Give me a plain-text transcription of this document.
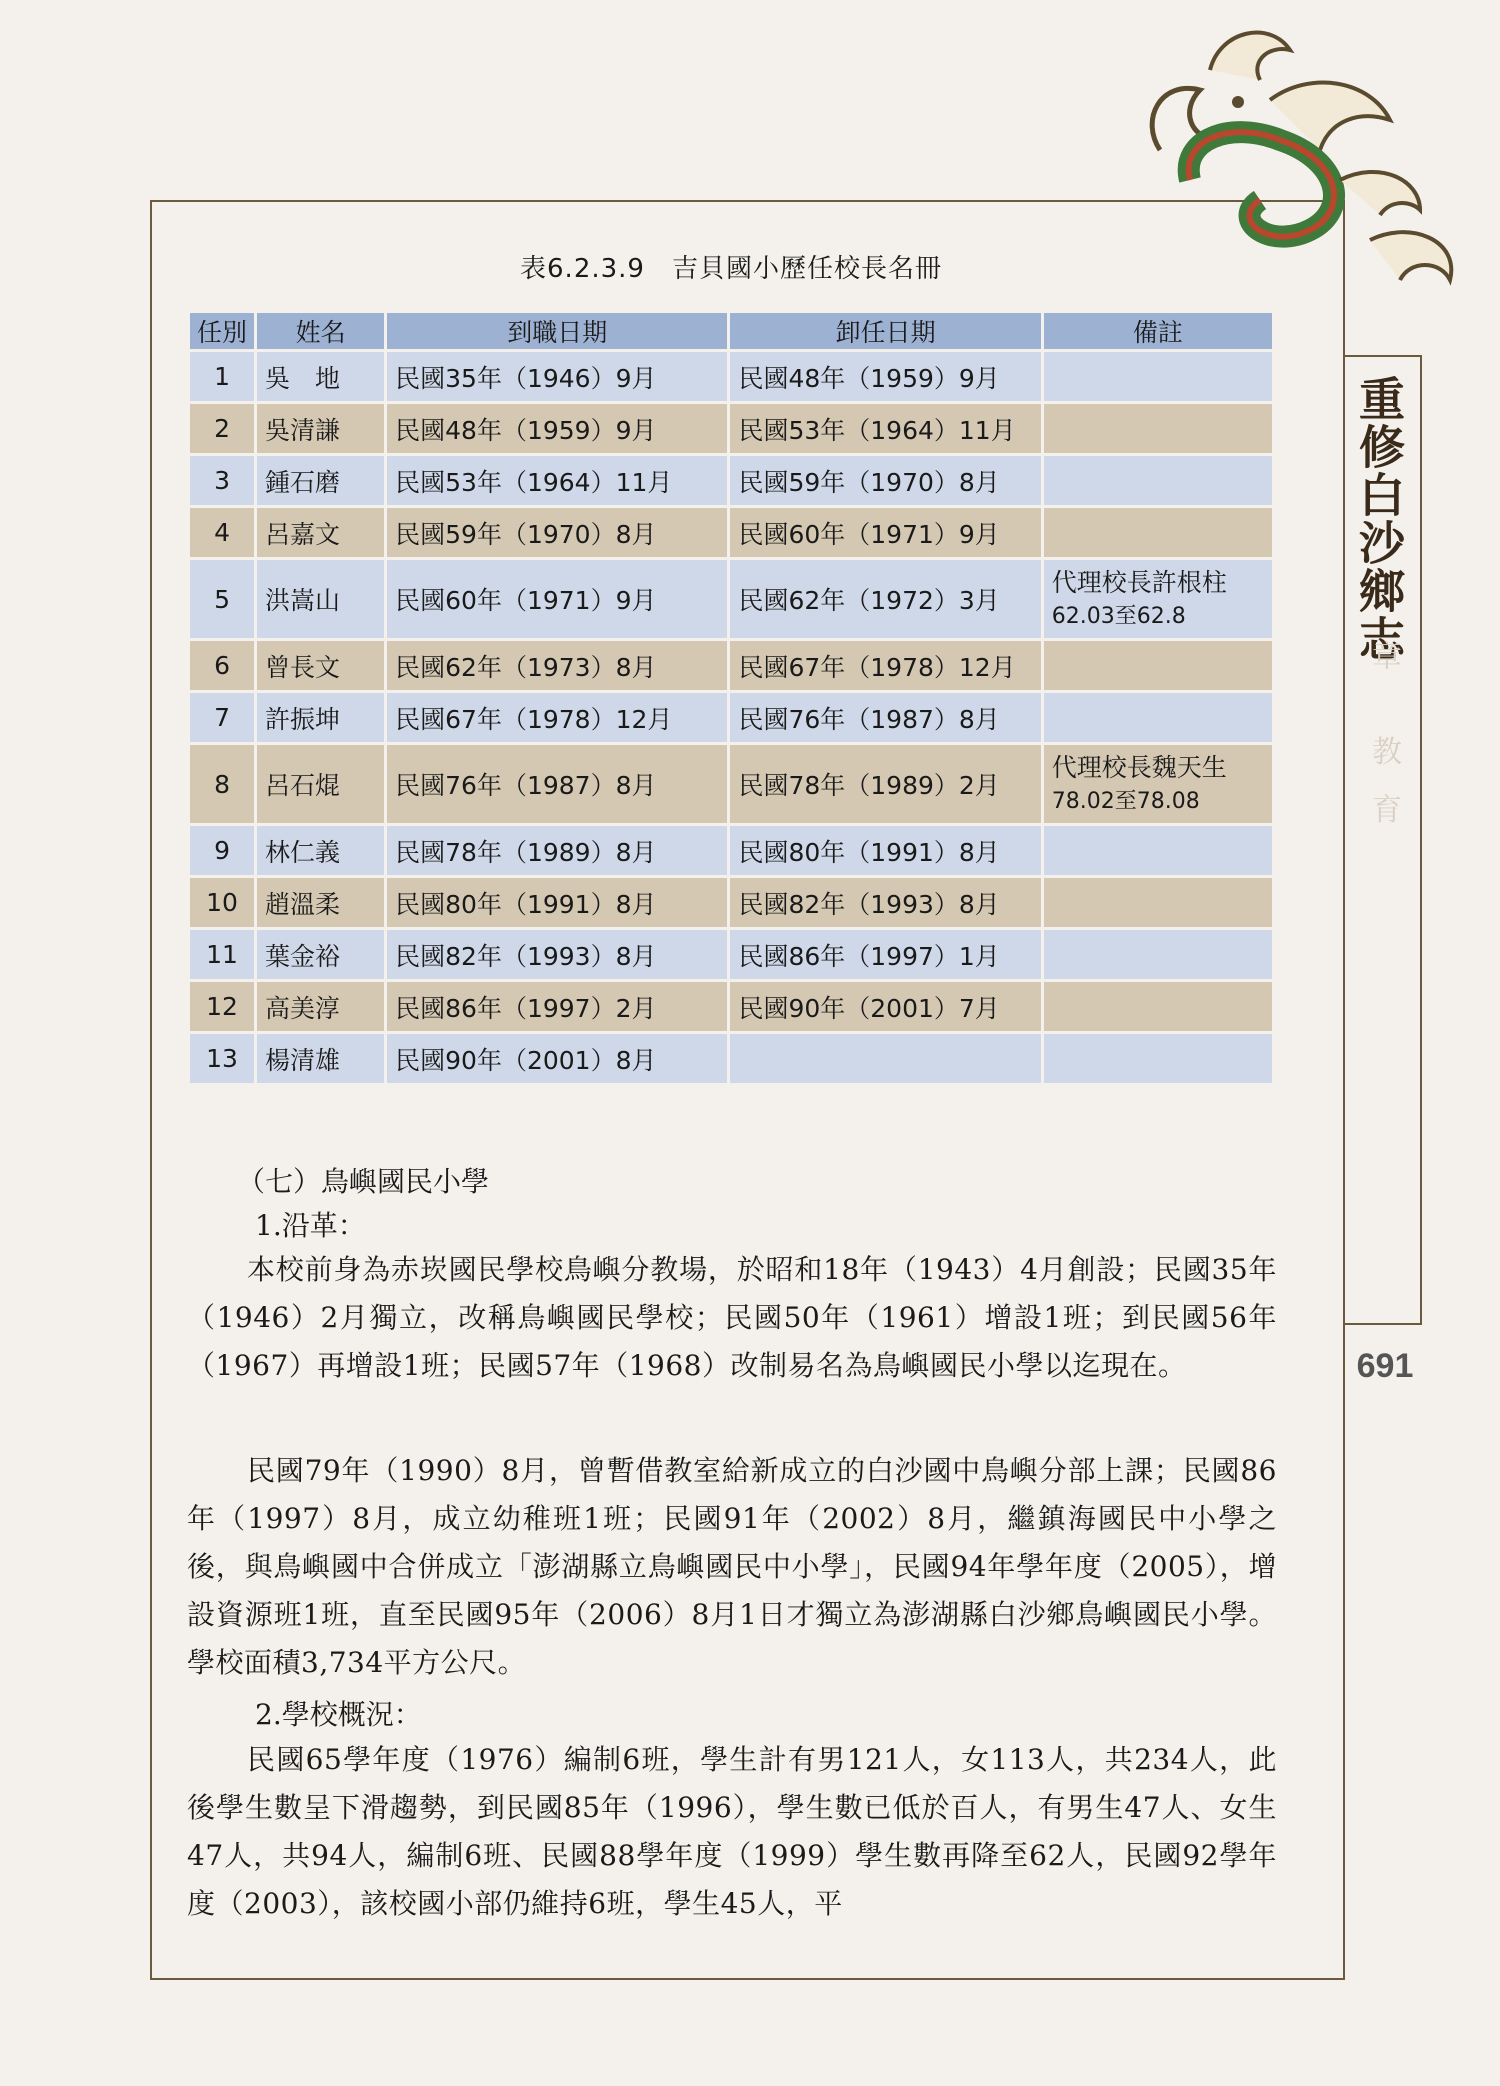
表6.2.3.9　吉貝國小歷任校長名冊
任別	姓名	到職日期	卸任日期	備註
1	吳　地	民國35年（1946）9月	民國48年（1959）9月	

2	吳清謙	民國48年（1959）9月	民國53年（1964）11月	

3	鍾石磨	民國53年（1964）11月	民國59年（1970）8月	

4	呂嘉文	民國59年（1970）8月	民國60年（1971）9月	

5	洪嵩山	民國60年（1971）9月	民國62年（1972）3月	代理校長許根柱
62.03至62.8

6	曾長文	民國62年（1973）8月	民國67年（1978）12月	

7	許振坤	民國67年（1978）12月	民國76年（1987）8月	

8	呂石焜	民國76年（1987）8月	民國78年（1989）2月	代理校長魏天生
78.02至78.08

9	林仁義	民國78年（1989）8月	民國80年（1991）8月	

10	趙溫柔	民國80年（1991）8月	民國82年（1993）8月	

11	葉金裕	民國82年（1993）8月	民國86年（1997）1月	

12	高美淳	民國86年（1997）2月	民國90年（2001）7月	

13	楊清雄	民國90年（2001）8月		
重修白沙鄉志
章 教育
691
（七）鳥嶼國民小學
1.沿革：

本校前身為赤崁國民學校鳥嶼分教場，於昭和18年（1943）4月創設；民國35年（1946）2月獨立，改稱鳥嶼國民學校；民國50年（1961）增設1班；到民國56年（1967）再增設1班；民國57年（1968）改制易名為鳥嶼國民小學以迄現在。

民國79年（1990）8月，曾暫借教室給新成立的白沙國中鳥嶼分部上課；民國86年（1997）8月，成立幼稚班1班；民國91年（2002）8月，繼鎮海國民中小學之後，與鳥嶼國中合併成立「澎湖縣立鳥嶼國民中小學」，民國94年學年度（2005），增設資源班1班，直至民國95年（2006）8月1日才獨立為澎湖縣白沙鄉鳥嶼國民小學。學校面積3,734平方公尺。

2.學校概況：

民國65學年度（1976）編制6班，學生計有男121人，女113人，共234人，此後學生數呈下滑趨勢，到民國85年（1996），學生數已低於百人，有男生47人、女生47人，共94人，編制6班、民國88學年度（1999）學生數再降至62人，民國92學年度（2003），該校國小部仍維持6班，學生45人，平
